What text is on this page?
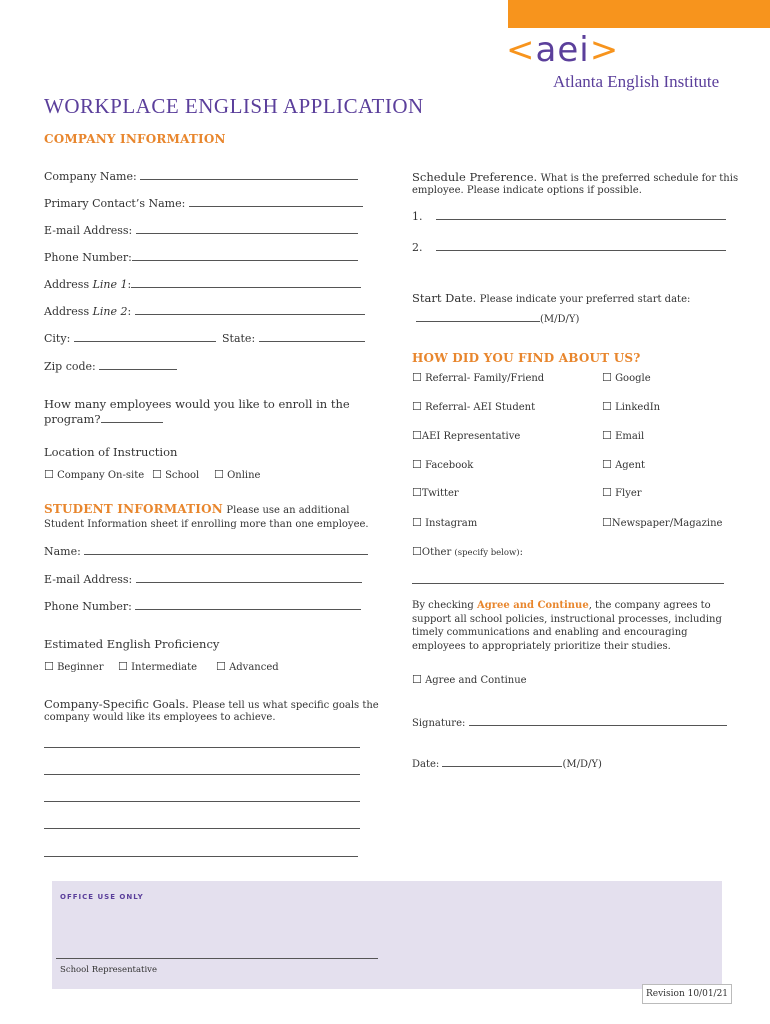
<aei>
Atlanta English Institute
WORKPLACE ENGLISH APPLICATION
COMPANY INFORMATION
Company Name:
Primary Contact’s Name:
E-mail Address:
Phone Number:
Address Line 1:
Address Line 2:
City:	State:
Zip code:
How many employees would you like to enroll in the
program?
Location of Instruction
☐ Company On-site ☐ School ☐ Online
STUDENT INFORMATION Please use an additional
Student Information sheet if enrolling more than one employee.
Name:
E-mail Address:
Phone Number:
Estimated English Proficiency
☐ Beginner ☐ Intermediate ☐ Advanced
Company-Specific Goals. Please tell us what specific goals the
company would like its employees to achieve.
Schedule Preference. What is the preferred schedule for this
employee. Please indicate options if possible.
1.
2.
Start Date. Please indicate your preferred start date:
(M/D/Y)
HOW DID YOU FIND ABOUT US?
☐ Referral- Family/Friend
☐ Referral- AEI Student
☐AEI Representative
☐ Facebook
☐Twitter
☐ Instagram
☐ Google
☐ LinkedIn
☐ Email
☐ Agent
☐ Flyer
☐Newspaper/Magazine
☐Other (specify below):
By checking Agree and Continue, the company agrees to
support all school policies, instructional processes, including
timely communications and enabling and encouraging
employees to appropriately prioritize their studies.
☐ Agree and Continue
Signature:
Date:	(M/D/Y)
OFFICE USE ONLY
School Representative
Revision 10/01/21
